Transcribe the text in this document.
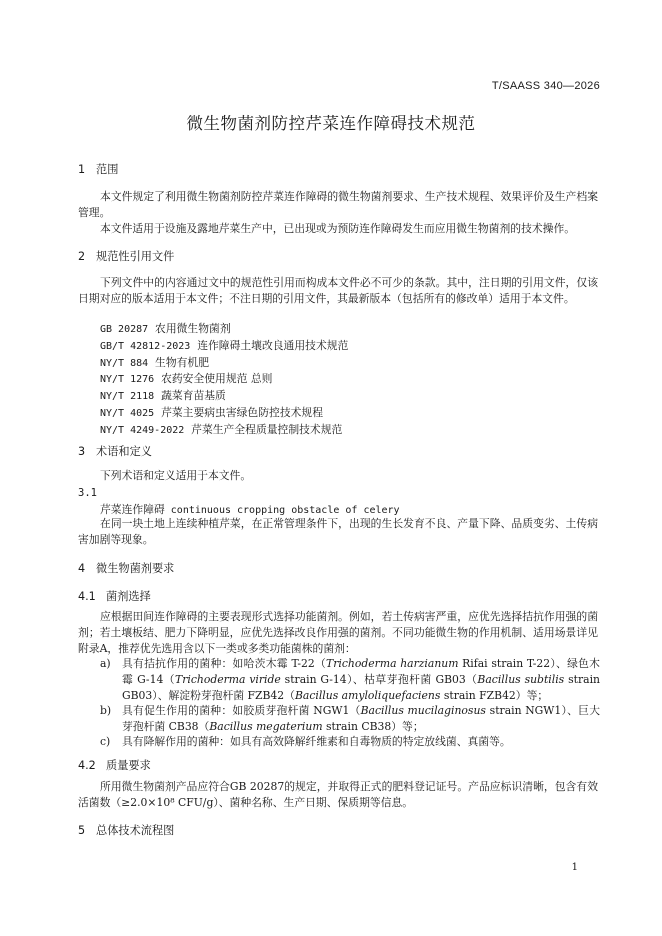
T/SAASS 340—2026
微生物菌剂防控芹菜连作障碍技术规范
1 范围

本文件规定了利用微生物菌剂防控芹菜连作障碍的微生物菌剂要求、生产技术规程、效果评价及生产档案管理。

本文件适用于设施及露地芹菜生产中，已出现或为预防连作障碍发生而应用微生物菌剂的技术操作。

2 规范性引用文件

下列文件中的内容通过文中的规范性引用而构成本文件必不可少的条款。其中，注日期的引用文件，仅该日期对应的版本适用于本文件；不注日期的引用文件，其最新版本（包括所有的修改单）适用于本文件。

GB 20287 农用微生物菌剂
GB/T 42812-2023 连作障碍土壤改良通用技术规范
NY/T 884 生物有机肥
NY/T 1276 农药安全使用规范 总则
NY/T 2118 蔬菜育苗基质
NY/T 4025 芹菜主要病虫害绿色防控技术规程
NY/T 4249-2022 芹菜生产全程质量控制技术规范
3 术语和定义

下列术语和定义适用于本文件。

3.1
芹菜连作障碍 continuous cropping obstacle of celery

在同一块土地上连续种植芹菜，在正常管理条件下，出现的生长发育不良、产量下降、品质变劣、土传病害加剧等现象。

4 微生物菌剂要求
4.1 菌剂选择

应根据田间连作障碍的主要表现形式选择功能菌剂。例如，若土传病害严重，应优先选择拮抗作用强的菌剂；若土壤板结、肥力下降明显，应优先选择改良作用强的菌剂。不同功能微生物的作用机制、适用场景详见附录A，推荐优先选用含以下一类或多类功能菌株的菌剂：

a)	具有拮抗作用的菌种：如哈茨木霉 T-22（Trichoderma harzianum Rifai strain T-22）、绿色木霉 G-14（Trichoderma viride strain G-14）、枯草芽孢杆菌 GB03（Bacillus subtilis strain GB03）、解淀粉芽孢杆菌 FZB42（Bacillus amyloliquefaciens strain FZB42）等；
b)	具有促生作用的菌种：如胶质芽孢杆菌 NGW1（Bacillus mucilaginosus strain NGW1）、巨大芽孢杆菌 CB38（Bacillus megaterium strain CB38）等；
c)	具有降解作用的菌种：如具有高效降解纤维素和自毒物质的特定放线菌、真菌等。
4.2 质量要求

所用微生物菌剂产品应符合GB 20287的规定，并取得正式的肥料登记证号。产品应标识清晰，包含有效活菌数（≥2.0×10⁸ CFU/g）、菌种名称、生产日期、保质期等信息。

5 总体技术流程图
1
